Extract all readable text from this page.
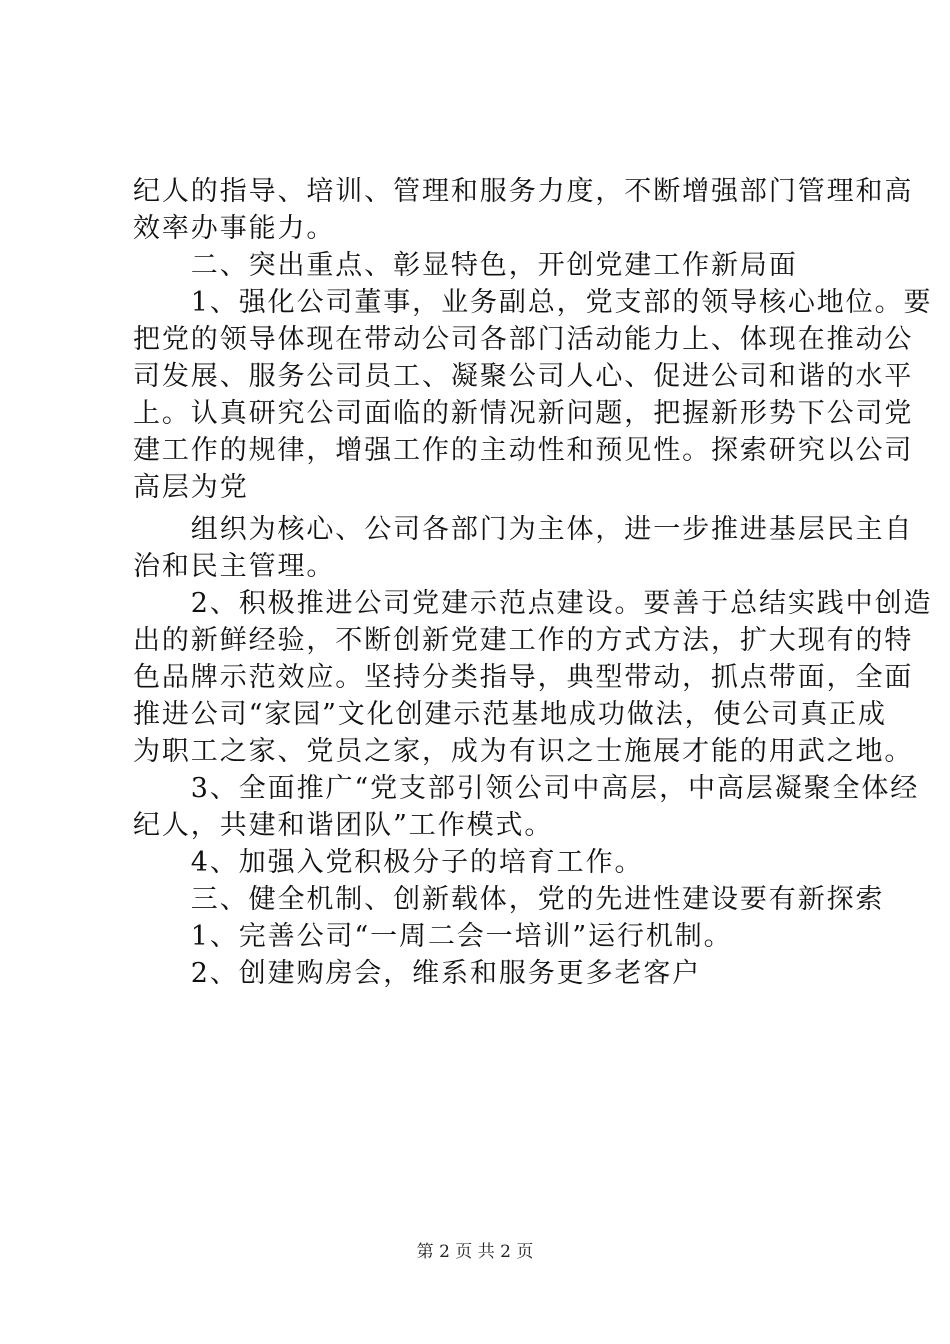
纪人的指导、培训、管理和服务力度，不断增强部门管理和高
效率办事能力。
　　二、突出重点、彰显特色，开创党建工作新局面
　　1、强化公司董事，业务副总，党支部的领导核心地位。要
把党的领导体现在带动公司各部门活动能力上、体现在推动公
司发展、服务公司员工、凝聚公司人心、促进公司和谐的水平
上。认真研究公司面临的新情况新问题，把握新形势下公司党
建工作的规律，增强工作的主动性和预见性。探索研究以公司
高层为党
　　组织为核心、公司各部门为主体，进一步推进基层民主自
治和民主管理。
　　2、积极推进公司党建示范点建设。要善于总结实践中创造
出的新鲜经验，不断创新党建工作的方式方法，扩大现有的特
色品牌示范效应。坚持分类指导，典型带动，抓点带面，全面
推进公司“家园”文化创建示范基地成功做法，使公司真正成
为职工之家、党员之家，成为有识之士施展才能的用武之地。
　　3、全面推广“党支部引领公司中高层，中高层凝聚全体经
纪人，共建和谐团队”工作模式。
　　4、加强入党积极分子的培育工作。
　　三、健全机制、创新载体，党的先进性建设要有新探索
　　1、完善公司“一周二会一培训”运行机制。
　　2、创建购房会，维系和服务更多老客户
第 2 页 共 2 页
